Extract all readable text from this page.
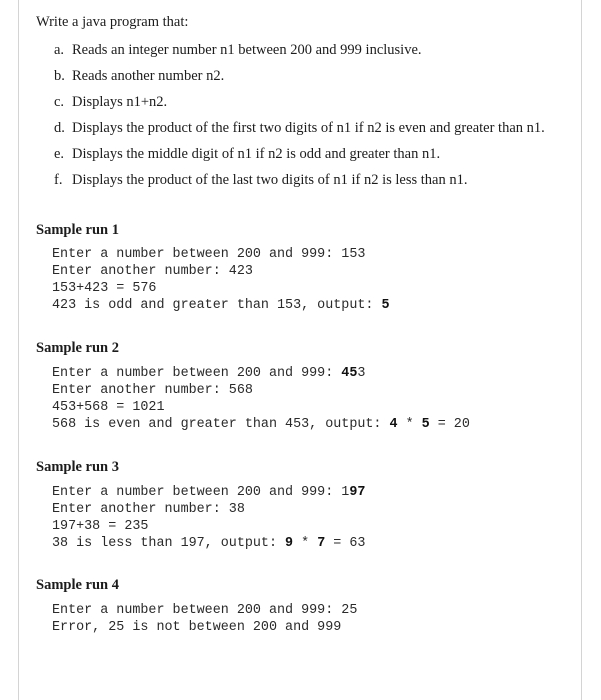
Write a java program that:
a. Reads an integer number n1 between 200 and 999 inclusive.
b. Reads another number n2.
c. Displays n1+n2.
d. Displays the product of the first two digits of n1 if n2 is even and greater than n1.
e. Displays the middle digit of n1 if n2 is odd and greater than n1.
f. Displays the product of the last two digits of n1 if n2 is less than n1.
Sample run 1
Enter a number between 200 and 999: 153
Enter another number: 423
153+423 = 576
423 is odd and greater than 153, output: 5
Sample run 2
Enter a number between 200 and 999: 453
Enter another number: 568
453+568 = 1021
568 is even and greater than 453, output: 4 * 5 = 20
Sample run 3
Enter a number between 200 and 999: 197
Enter another number: 38
197+38 = 235
38 is less than 197, output: 9 * 7 = 63
Sample run 4
Enter a number between 200 and 999: 25
Error, 25 is not between 200 and 999
